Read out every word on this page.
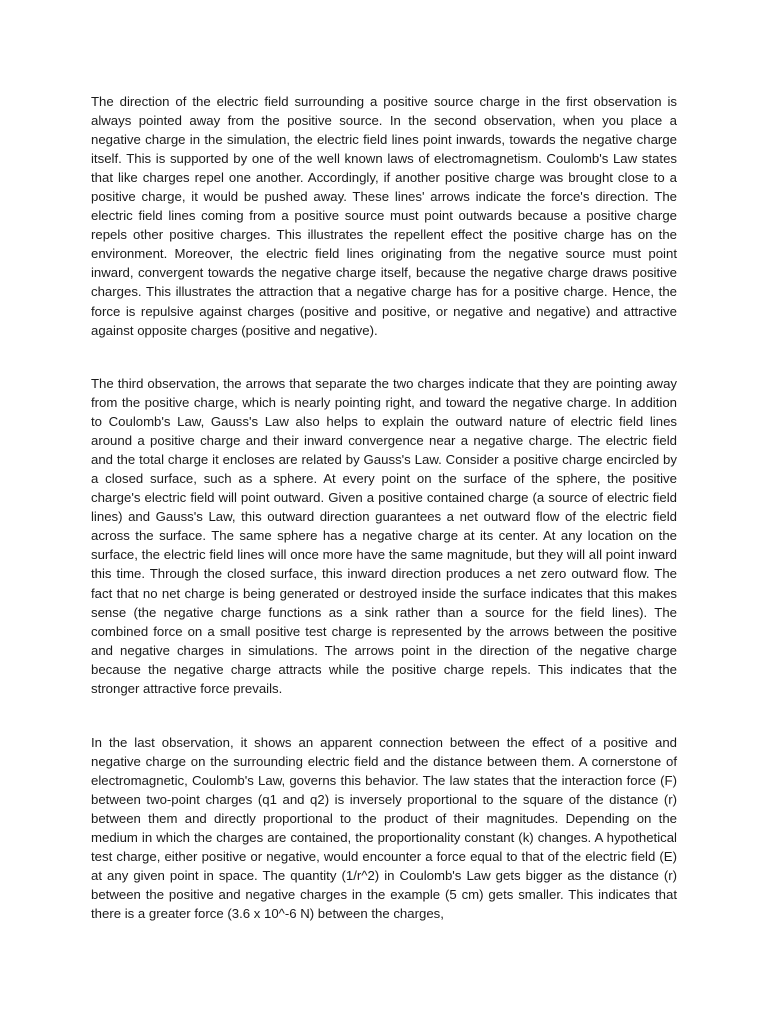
The direction of the electric field surrounding a positive source charge in the first observation is always pointed away from the positive source. In the second observation, when you place a negative charge in the simulation, the electric field lines point inwards, towards the negative charge itself. This is supported by one of the well known laws of electromagnetism. Coulomb's Law states that like charges repel one another. Accordingly, if another positive charge was brought close to a positive charge, it would be pushed away. These lines' arrows indicate the force's direction. The electric field lines coming from a positive source must point outwards because a positive charge repels other positive charges. This illustrates the repellent effect the positive charge has on the environment. Moreover, the electric field lines originating from the negative source must point inward, convergent towards the negative charge itself, because the negative charge draws positive charges. This illustrates the attraction that a negative charge has for a positive charge. Hence, the force is repulsive against charges (positive and positive, or negative and negative) and attractive against opposite charges (positive and negative).

The third observation, the arrows that separate the two charges indicate that they are pointing away from the positive charge, which is nearly pointing right, and toward the negative charge. In addition to Coulomb's Law, Gauss's Law also helps to explain the outward nature of electric field lines around a positive charge and their inward convergence near a negative charge. The electric field and the total charge it encloses are related by Gauss's Law. Consider a positive charge encircled by a closed surface, such as a sphere. At every point on the surface of the sphere, the positive charge's electric field will point outward. Given a positive contained charge (a source of electric field lines) and Gauss's Law, this outward direction guarantees a net outward flow of the electric field across the surface. The same sphere has a negative charge at its center. At any location on the surface, the electric field lines will once more have the same magnitude, but they will all point inward this time. Through the closed surface, this inward direction produces a net zero outward flow. The fact that no net charge is being generated or destroyed inside the surface indicates that this makes sense (the negative charge functions as a sink rather than a source for the field lines). The combined force on a small positive test charge is represented by the arrows between the positive and negative charges in simulations. The arrows point in the direction of the negative charge because the negative charge attracts while the positive charge repels. This indicates that the stronger attractive force prevails.

In the last observation, it shows an apparent connection between the effect of a positive and negative charge on the surrounding electric field and the distance between them. A cornerstone of electromagnetic, Coulomb's Law, governs this behavior. The law states that the interaction force (F) between two-point charges (q1 and q2) is inversely proportional to the square of the distance (r) between them and directly proportional to the product of their magnitudes. Depending on the medium in which the charges are contained, the proportionality constant (k) changes. A hypothetical test charge, either positive or negative, would encounter a force equal to that of the electric field (E) at any given point in space. The quantity (1/r^2) in Coulomb's Law gets bigger as the distance (r) between the positive and negative charges in the example (5 cm) gets smaller. This indicates that there is a greater force (3.6 x 10^-6 N) between the charges,
